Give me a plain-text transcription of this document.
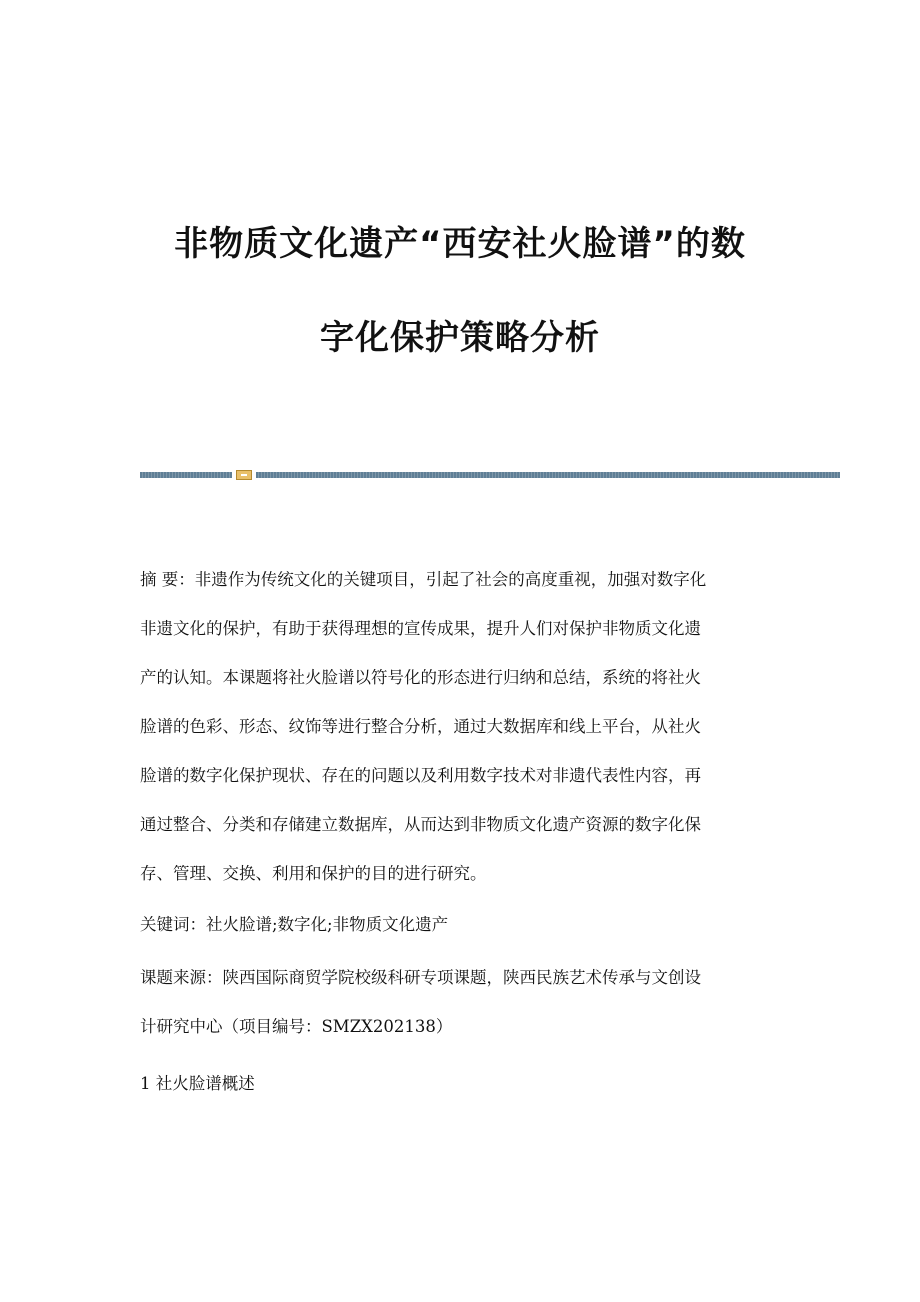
非物质文化遗产“西安社火脸谱”的数
字化保护策略分析
摘 要：非遗作为传统文化的关键项目，引起了社会的高度重视，加强对数字化
非遗文化的保护，有助于获得理想的宣传成果，提升人们对保护非物质文化遗
产的认知。本课题将社火脸谱以符号化的形态进行归纳和总结，系统的将社火
脸谱的色彩、形态、纹饰等进行整合分析，通过大数据库和线上平台，从社火
脸谱的数字化保护现状、存在的问题以及利用数字技术对非遗代表性内容，再
通过整合、分类和存储建立数据库，从而达到非物质文化遗产资源的数字化保
存、管理、交换、利用和保护的目的进行研究。
关键词：社火脸谱;数字化;非物质文化遗产
课题来源：陕西国际商贸学院校级科研专项课题，陕西民族艺术传承与文创设
计研究中心（项目编号：SMZX202138）
1 社火脸谱概述
